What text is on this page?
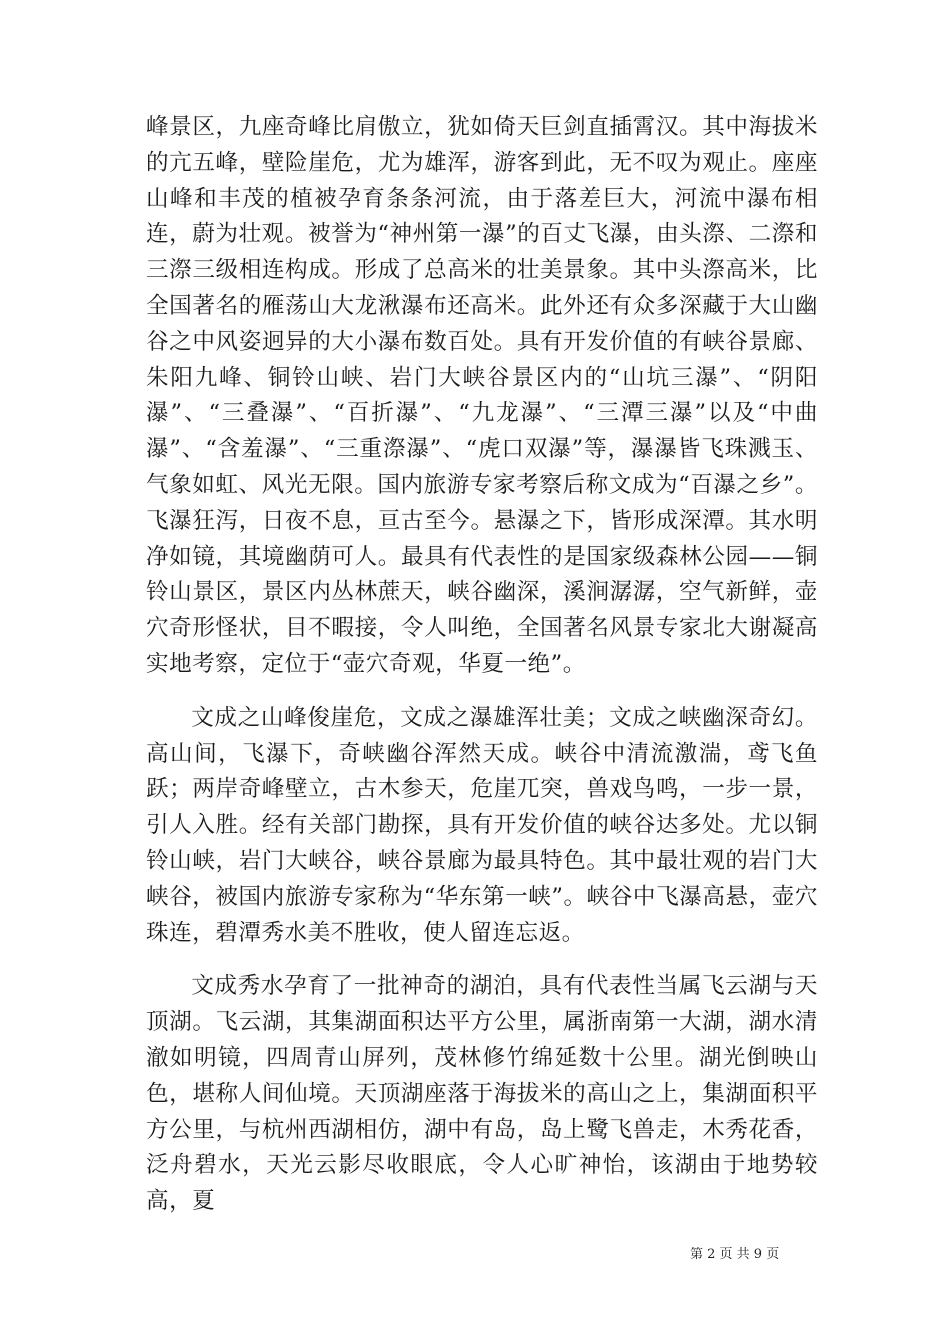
峰景区，九座奇峰比肩傲立，犹如倚天巨剑直插霄汉。其中海拔米的亢五峰，壁险崖危，尤为雄浑，游客到此，无不叹为观止。座座山峰和丰茂的植被孕育条条河流，由于落差巨大，河流中瀑布相连，蔚为壮观。被誉为“神州第一瀑”的百丈飞瀑，由头漈、二漈和三漈三级相连构成。形成了总高米的壮美景象。其中头漈高米，比全国著名的雁荡山大龙湫瀑布还高米。此外还有众多深藏于大山幽谷之中风姿迥异的大小瀑布数百处。具有开发价值的有峡谷景廊、朱阳九峰、铜铃山峡、岩门大峡谷景区内的“山坑三瀑”、“阴阳瀑”、“三叠瀑”、“百折瀑”、“九龙瀑”、“三潭三瀑”以及“中曲瀑”、“含羞瀑”、“三重漈瀑”、“虎口双瀑”等，瀑瀑皆飞珠溅玉、气象如虹、风光无限。国内旅游专家考察后称文成为“百瀑之乡”。飞瀑狂泻，日夜不息，亘古至今。悬瀑之下，皆形成深潭。其水明净如镜，其境幽荫可人。最具有代表性的是国家级森林公园——铜铃山景区，景区内丛林蔗天，峡谷幽深，溪涧潺潺，空气新鲜，壶穴奇形怪状，目不暇接，令人叫绝，全国著名风景专家北大谢凝高实地考察，定位于“壶穴奇观，华夏一绝”。

文成之山峰俊崖危，文成之瀑雄浑壮美；文成之峡幽深奇幻。高山间，飞瀑下，奇峡幽谷浑然天成。峡谷中清流激湍，鸢飞鱼跃；两岸奇峰壁立，古木参天，危崖兀突，兽戏鸟鸣，一步一景，引人入胜。经有关部门勘探，具有开发价值的峡谷达多处。尤以铜铃山峡，岩门大峡谷，峡谷景廊为最具特色。其中最壮观的岩门大峡谷，被国内旅游专家称为“华东第一峡”。峡谷中飞瀑高悬，壶穴珠连，碧潭秀水美不胜收，使人留连忘返。

文成秀水孕育了一批神奇的湖泊，具有代表性当属飞云湖与天顶湖。飞云湖，其集湖面积达平方公里，属浙南第一大湖，湖水清澈如明镜，四周青山屏列，茂林修竹绵延数十公里。湖光倒映山色，堪称人间仙境。天顶湖座落于海拔米的高山之上，集湖面积平方公里，与杭州西湖相仿，湖中有岛，岛上鹭飞兽走，木秀花香，泛舟碧水，天光云影尽收眼底，令人心旷神怡，该湖由于地势较高，夏

第 2 页 共 9 页
